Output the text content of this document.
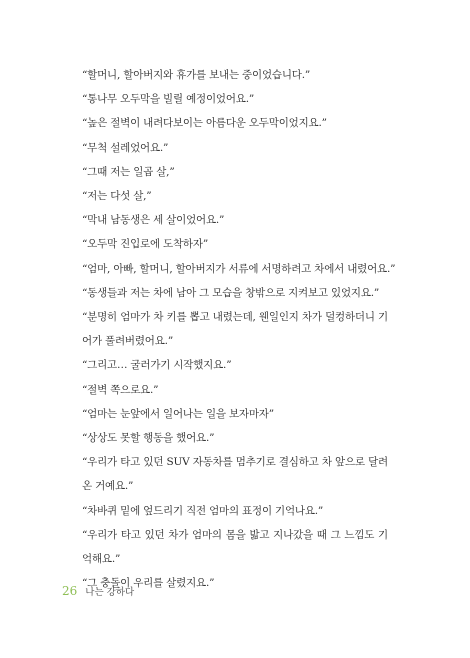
“할머니, 할아버지와 휴가를 보내는 중이었습니다.”

“통나무 오두막을 빌릴 예정이었어요.”

“높은 절벽이 내려다보이는 아름다운 오두막이었지요.”

“무척 설레었어요.”

“그때 저는 일곱 살,”

“저는 다섯 살,”

“막내 남동생은 세 살이었어요.”

“오두막 진입로에 도착하자”

“엄마, 아빠, 할머니, 할아버지가 서류에 서명하려고 차에서 내렸어요.”

“동생들과 저는 차에 남아 그 모습을 창밖으로 지켜보고 있었지요.”

“분명히 엄마가 차 키를 뽑고 내렸는데, 웬일인지 차가 덜컹하더니 기어가 풀려버렸어요.”

“그리고… 굴러가기 시작했지요.”

“절벽 쪽으로요.”

“엄마는 눈앞에서 일어나는 일을 보자마자”

“상상도 못할 행동을 했어요.”

“우리가 타고 있던 SUV 자동차를 멈추기로 결심하고 차 앞으로 달려온 거예요.”

“차바퀴 밑에 엎드리기 직전 엄마의 표정이 기억나요.”

“우리가 타고 있던 차가 엄마의 몸을 밟고 지나갔을 때 그 느낌도 기억해요.”

“그 충돌이 우리를 살렸지요.”

26 나는 강하다
